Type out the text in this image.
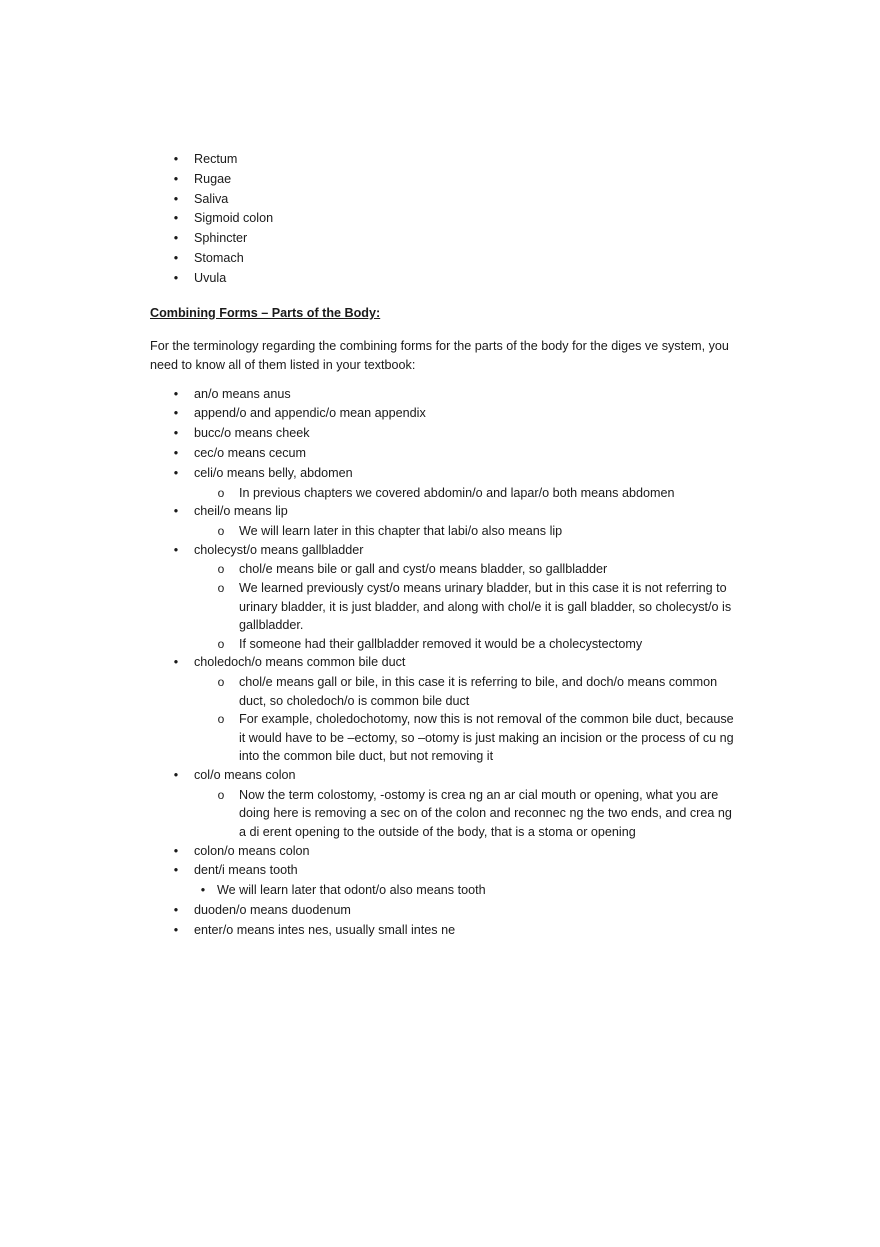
• Rectum
• Rugae
• Saliva
• Sigmoid colon
• Sphincter
• Stomach
• Uvula
Combining Forms – Parts of the Body:
For the terminology regarding the combining forms for the parts of the body for the diges ve system, you need to know all of them listed in your textbook:
• an/o means anus
• append/o and appendic/o mean appendix
• bucc/o means cheek
• cec/o means cecum
• celi/o means belly, abdomen
o In previous chapters we covered abdomin/o and lapar/o both means abdomen
• cheil/o means lip
o We will learn later in this chapter that labi/o also means lip
• cholecyst/o means gallbladder
o chol/e means bile or gall and cyst/o means bladder, so gallbladder
o We learned previously cyst/o means urinary bladder, but in this case it is not referring to urinary bladder, it is just bladder, and along with chol/e it is gall bladder, so cholecyst/o is gallbladder.
o If someone had their gallbladder removed it would be a cholecystectomy
• choledoch/o means common bile duct
o chol/e means gall or bile, in this case it is referring to bile, and doch/o means common duct, so choledoch/o is common bile duct
o For example, choledochotomy, now this is not removal of the common bile duct, because it would have to be –ectomy, so –otomy is just making an incision or the process of cu ng into the common bile duct, but not removing it
• col/o means colon
o Now the term colostomy, -ostomy is crea ng an ar cial mouth or opening, what you are doing here is removing a sec on of the colon and reconnec ng the two ends, and crea ng a di erent opening to the outside of the body, that is a stoma or opening
• colon/o means colon
• dent/i means tooth
• We will learn later that odont/o also means tooth
• duoden/o means duodenum
• enter/o means intes nes, usually small intes ne
